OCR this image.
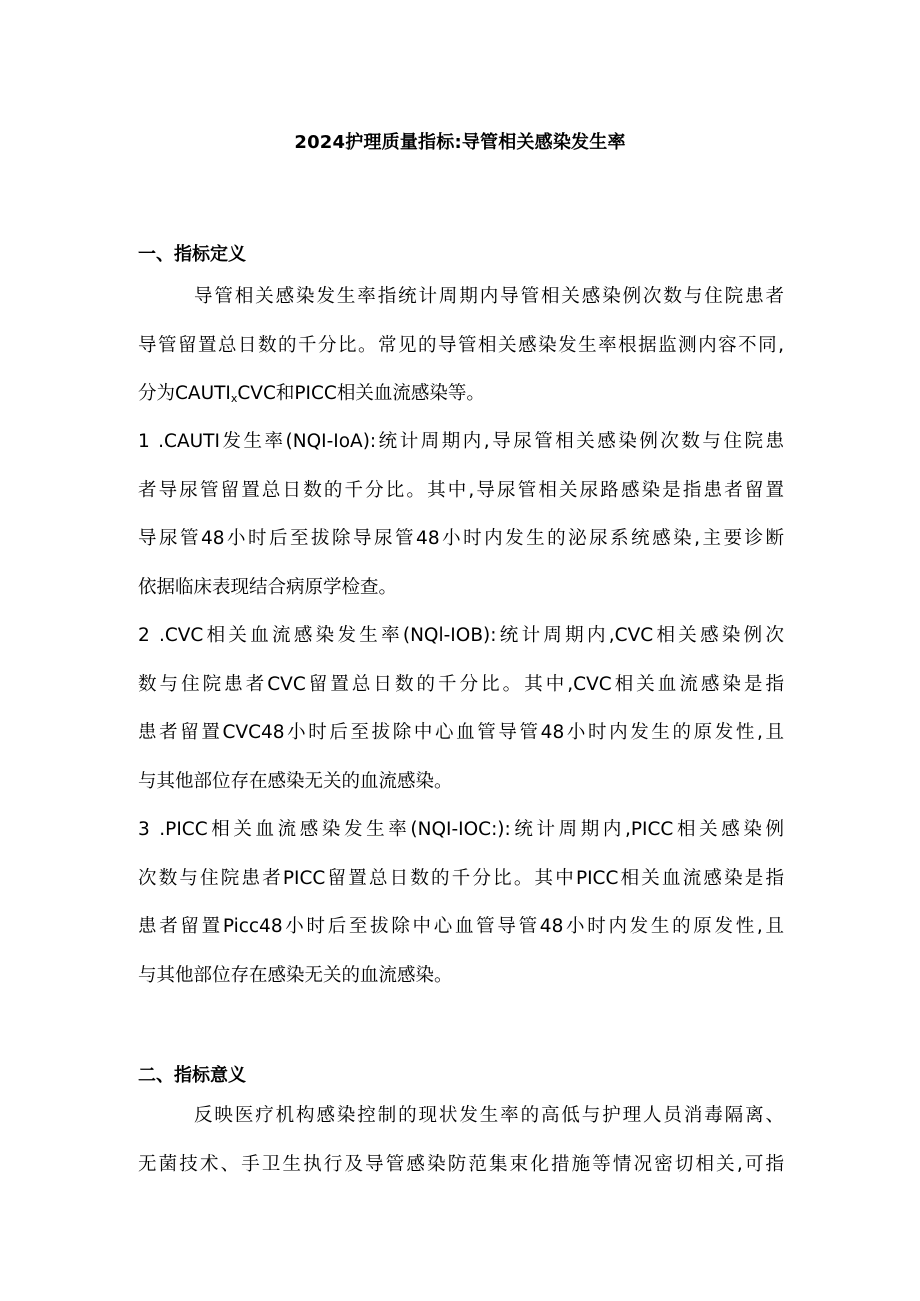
2024护理质量指标:导管相关感染发生率
一、指标定义
导管相关感染发生率指统计周期内导管相关感染例次数与住院患者
导管留置总日数的千分比。常见的导管相关感染发生率根据监测内容不同,
分为$CAUTI_xCVC$和PICC相关血流感染等。
1 .CAUTI发生率(NQI-IoA):统计周期内,导尿管相关感染例次数与住院患
者导尿管留置总日数的千分比。其中,导尿管相关尿路感染是指患者留置
导尿管48小时后至拔除导尿管48小时内发生的泌尿系统感染,主要诊断
依据临床表现结合病原学检查。
2 .CVC相关血流感染发生率(NQl-IOB):统计周期内,CVC相关感染例次
数与住院患者CVC留置总日数的千分比。其中,CVC相关血流感染是指
患者留置CVC48小时后至拔除中心血管导管48小时内发生的原发性,且
与其他部位存在感染无关的血流感染。
3 .PICC相关血流感染发生率(NQI-IOC:):统计周期内,PICC相关感染例
次数与住院患者PICC留置总日数的千分比。其中PICC相关血流感染是指
患者留置Picc48小时后至拔除中心血管导管48小时内发生的原发性,且
与其他部位存在感染无关的血流感染。
二、指标意义
反映医疗机构感染控制的现状发生率的高低与护理人员消毒隔离、
无菌技术、手卫生执行及导管感染防范集束化措施等情况密切相关,可指
